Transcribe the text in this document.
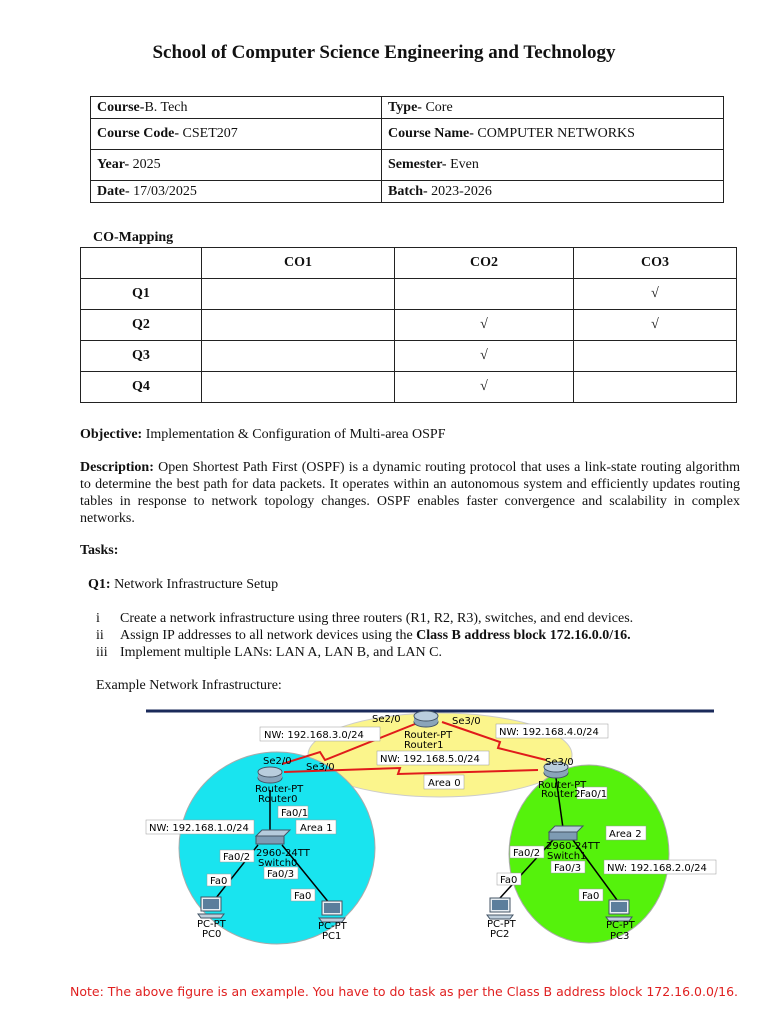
School of Computer Science Engineering and Technology
Course-B. Tech	Type- Core
Course Code- CSET207	Course Name- COMPUTER NETWORKS
Year- 2025	Semester- Even
Date- 17/03/2025	Batch- 2023-2026
CO-Mapping
	CO1	CO2	CO3
Q1			√
Q2		√	√
Q3		√	
Q4		√	
Objective: Implementation & Configuration of Multi-area OSPF
Description: Open Shortest Path First (OSPF) is a dynamic routing protocol that uses a link-state routing algorithm to determine the best path for data packets. It operates within an autonomous system and efficiently updates routing tables in response to network topology changes. OSPF enables faster convergence and scalability in complex networks.
Tasks:
Q1: Network Infrastructure Setup
i Create a network infrastructure using three routers (R1, R2, R3), switches, and end devices.
ii Assign IP addresses to all network devices using the Class B address block 172.16.0.0/16.
iii Implement multiple LANs: LAN A, LAN B, and LAN C.
Example Network Infrastructure:
NW: 192.168.3.0/24	NW: 192.168.4.0/24
NW: 192.168.5.0/24
NW: 192.168.1.0/24
NW: 192.168.2.0/24
Area 1
Area 2
Area 0
Se2/0	Se3/0
Router-PT
Router1
Se2/0
Se3/0
Router-PT
Router0
Fa0/1
Se3/0
Router-PT
Router2 Fa0/1
2960-24TT
Switch0
Fa0/2
Fa0/3
2960-24TT
Switch1
Fa0/2
Fa0/3
Fa0
Fa0
Fa0
Fa0
PC-PT
PC0
PC-PT
PC1
PC-PT
PC2
PC-PT
PC3
Note: The above figure is an example. You have to do task as per the Class B address block 172.16.0.0/16.
